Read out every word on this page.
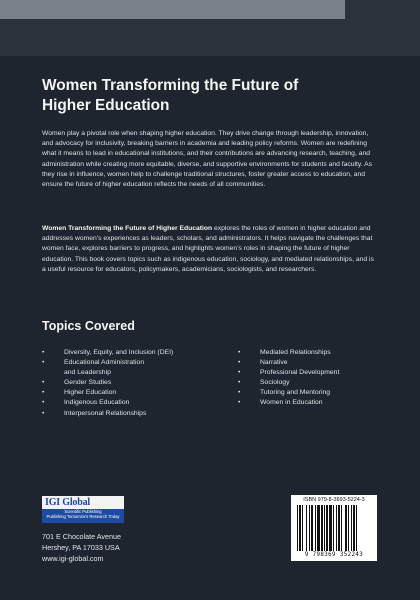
Women Transforming the Future of
Higher Education

Women play a pivotal role when shaping higher education. They drive change through leadership, innovation, and advocacy for inclusivity, breaking barriers in academia and leading policy reforms. Women are redefining what it means to lead in educational institutions, and their contributions are advancing research, teaching, and administration while creating more equitable, diverse, and supportive environments for students and faculty. As they rise in influence, women help to challenge traditional structures, foster greater access to education, and ensure the future of higher education reflects the needs of all communities.

Women Transforming the Future of Higher Education explores the roles of women in higher education and addresses women’s experiences as leaders, scholars, and administrators. It helps navigate the challenges that women face, explores barriers to progress, and highlights women’s roles in shaping the future of higher education. This book covers topics such as indigenous education, sociology, and mediated relationships, and is a useful resource for educators, policymakers, academicians, sociologists, and researchers.

Topics Covered
•	Diversity, Equity, and Inclusion (DEI)
•	Educational Administration
and Leadership
•	Gender Studies
•	Higher Education
•	Indigenous Education
•	Interpersonal Relationships
•	Mediated Relationships
•	Narrative
•	Professional Development
•	Sociology
•	Tutoring and Mentoring
•	Women in Education
IGI Global
Scientific Publishing
Publishing Tomorrow's Research Today
701 E Chocolate Avenue
Hershey, PA 17033 USA
www.igi-global.com
ISBN 979-8-3693-5224-3
9 798369 352243
